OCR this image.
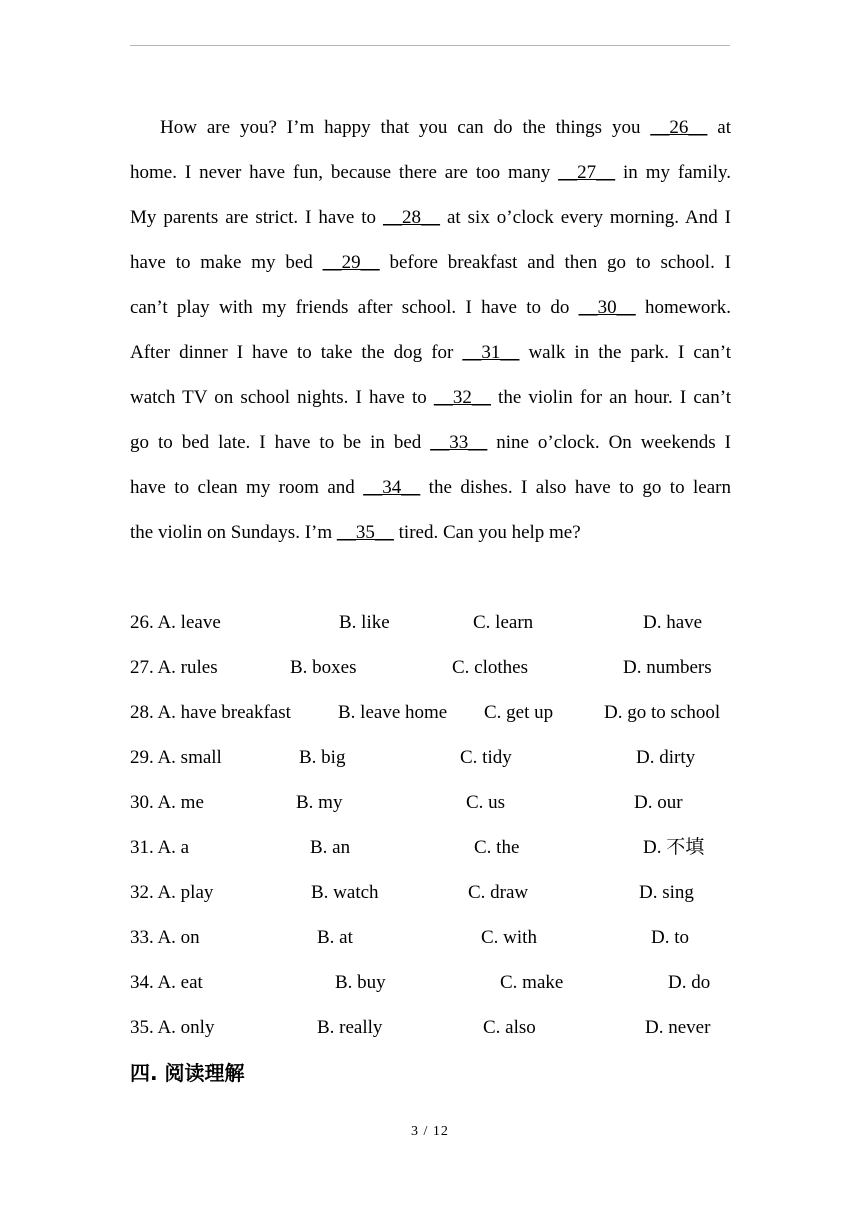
How are you? I’m happy that you can do the things you __26__ at
home. I never have fun, because there are too many __27__ in my family.
My parents are strict. I have to __28__ at six o’clock every morning. And I
have to make my bed __29__ before breakfast and then go to school. I
can’t play with my friends after school. I have to do __30__ homework.
After dinner I have to take the dog for __31__ walk in the park. I can’t
watch TV on school nights. I have to __32__ the violin for an hour. I can’t
go to bed late. I have to be in bed __33__ nine o’clock. On weekends I
have to clean my room and __34__ the dishes. I also have to go to learn
the violin on Sundays. I’m __35__ tired. Can you help me?
26. A. leave	B. like	C. learn	D. have
27. A. rules	B. boxes	C. clothes	D. numbers
28. A. have breakfast B. leave home C. get up	D. go to school
29. A. small	B. big	C. tidy	D. dirty
30. A. me	B. my	C. us	D. our
31. A. a	B. an	C. the	D. 不填
32. A. play	B. watch	C. draw	D. sing
33. A. on	B. at	C. with	D. to
34. A. eat	B. buy	C. make	D. do
35. A. only	B. really	C. also	D. never
四. 阅读理解
3 / 12
